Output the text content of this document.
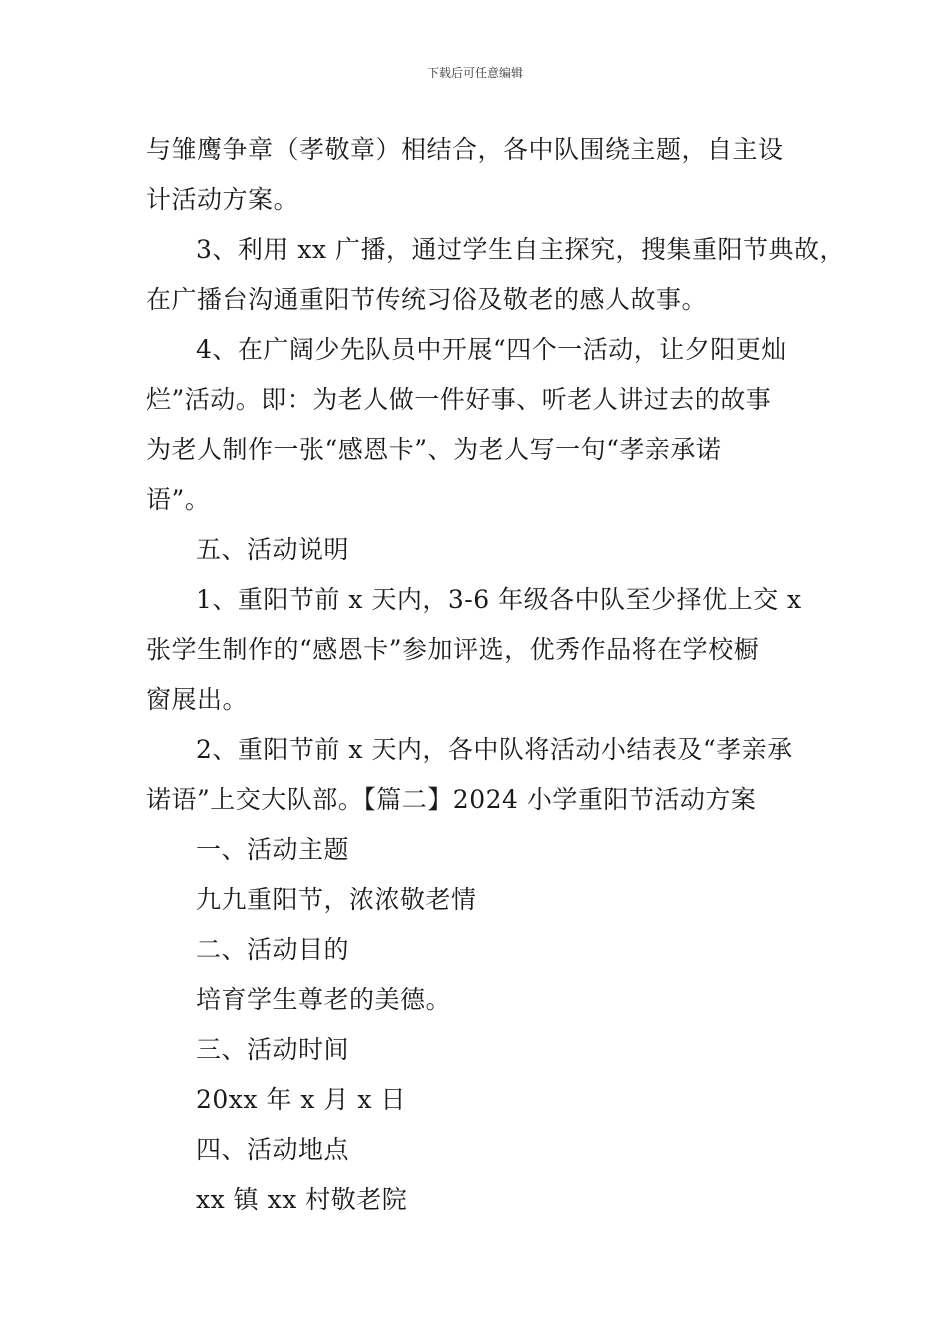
下载后可任意编辑
与雏鹰争章（孝敬章）相结合，各中队围绕主题，自主设
计活动方案。
3、利用 xx 广播，通过学生自主探究，搜集重阳节典故，
在广播台沟通重阳节传统习俗及敬老的感人故事。
4、在广阔少先队员中开展“四个一活动，让夕阳更灿
烂”活动。即：为老人做一件好事、听老人讲过去的故事
为老人制作一张“感恩卡”、为老人写一句“孝亲承诺
语”。
五、活动说明
1、重阳节前 x 天内，3-6 年级各中队至少择优上交 x
张学生制作的“感恩卡”参加评选，优秀作品将在学校橱
窗展出。
2、重阳节前 x 天内，各中队将活动小结表及“孝亲承
诺语”上交大队部。【篇二】2024 小学重阳节活动方案
一、活动主题
九九重阳节，浓浓敬老情
二、活动目的
培育学生尊老的美德。
三、活动时间
20xx 年 x 月 x 日
四、活动地点
xx 镇 xx 村敬老院
